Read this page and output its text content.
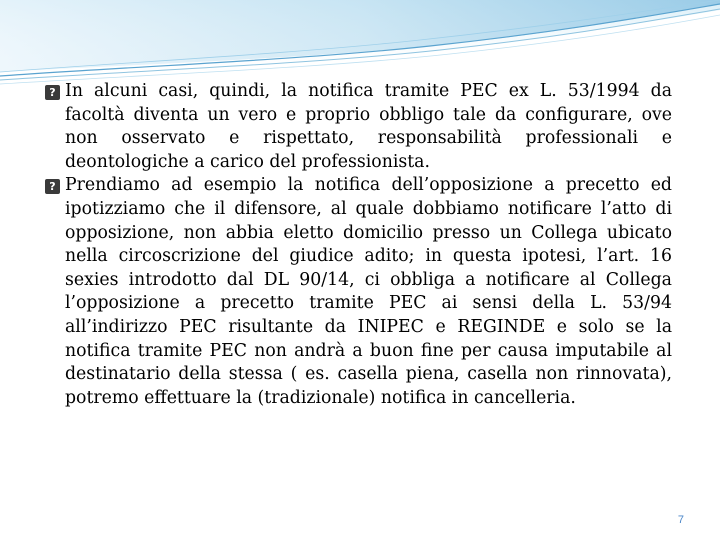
? In alcuni casi, quindi, la notifica tramite PEC ex L. 53/1994 da facoltà diventa un vero e proprio obbligo tale da configurare, ove non osservato e rispettato, responsabilità professionali e deontologiche a carico del professionista.

? Prendiamo ad esempio la notifica dell’opposizione a precetto ed ipotizziamo che il difensore, al quale dobbiamo notificare l’atto di opposizione, non abbia eletto domicilio presso un Collega ubicato nella circoscrizione del giudice adito; in questa ipotesi, l’art. 16 sexies introdotto dal DL 90/14, ci obbliga a notificare al Collega l’opposizione a precetto tramite PEC ai sensi della L. 53/94 all’indirizzo PEC risultante da INIPEC e REGINDE e solo se la notifica tramite PEC non andrà a buon fine per causa imputabile al destinatario della stessa ( es. casella piena, casella non rinnovata), potremo effettuare la (tradizionale) notifica in cancelleria.

7
